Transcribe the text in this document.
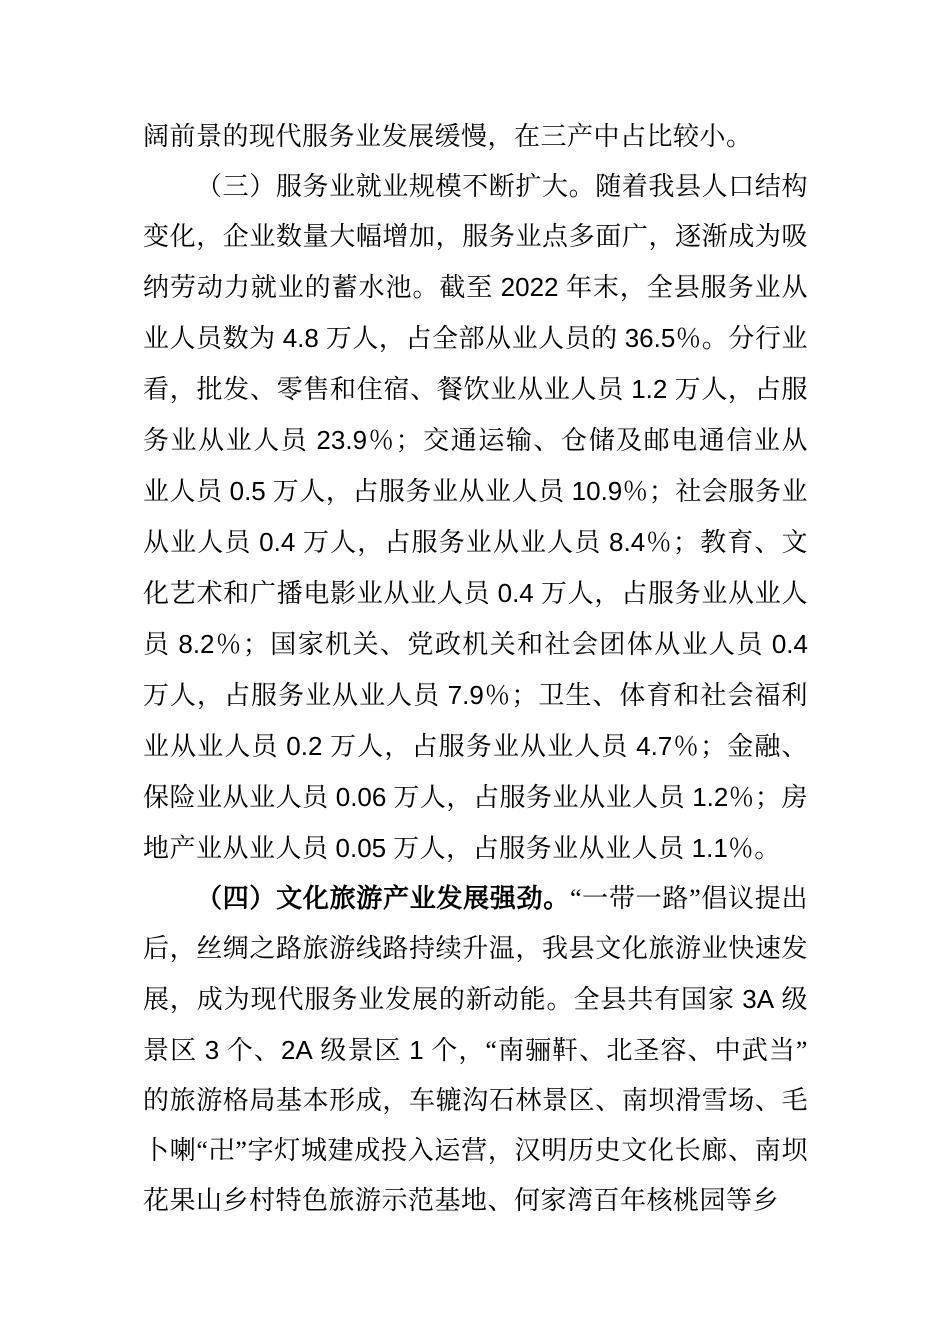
阔前景的现代服务业发展缓慢，在三产中占比较小。

（三）服务业就业规模不断扩大。随着我县人口结构变化，企业数量大幅增加，服务业点多面广，逐渐成为吸纳劳动力就业的蓄水池。截至 2022 年末，全县服务业从业人员数为 4.8 万人，占全部从业人员的 36.5％。分行业看，批发、零售和住宿、餐饮业从业人员 1.2 万人，占服务业从业人员 23.9％；交通运输、仓储及邮电通信业从业人员 0.5 万人，占服务业从业人员 10.9％；社会服务业从业人员 0.4 万人，占服务业从业人员 8.4％；教育、文化艺术和广播电影业从业人员 0.4 万人，占服务业从业人员 8.2％；国家机关、党政机关和社会团体从业人员 0.4 万人，占服务业从业人员 7.9％；卫生、体育和社会福利业从业人员 0.2 万人，占服务业从业人员 4.7％；金融、保险业从业人员 0.06 万人，占服务业从业人员 1.2％；房地产业从业人员 0.05 万人，占服务业从业人员 1.1％。

（四）文化旅游产业发展强劲。“一带一路”倡议提出后，丝绸之路旅游线路持续升温，我县文化旅游业快速发展，成为现代服务业发展的新动能。全县共有国家 3A 级景区 3 个、2A 级景区 1 个，“南骊靬、北圣容、中武当”的旅游格局基本形成，车辘沟石林景区、南坝滑雪场、毛卜喇“卍”字灯城建成投入运营，汉明历史文化长廊、南坝花果山乡村特色旅游示范基地、何家湾百年核桃园等乡
